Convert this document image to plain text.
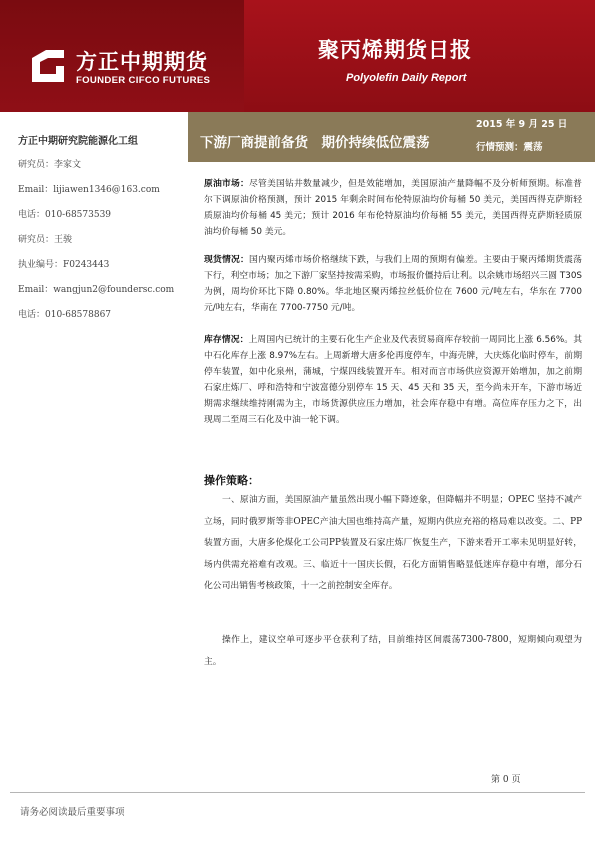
方正中期期货
FOUNDER CIFCO FUTURES
聚丙烯期货日报
Polyolefin Daily Report
方正中期研究院能源化工组
研究员：李家文
Email：lijiawen1346@163.com
电话：010-68573539
研究员：王骏
执业编号：F0243443
Email：wangjun2@foundersc.com
电话：010-68578867
下游厂商提前备货　期价持续低位震荡
2015 年 9 月 25 日
行情预测：震荡
原油市场：尽管美国钻井数量减少，但是效能增加，美国原油产量降幅不及分析师预期。标准普尔下调原油价格预测，预计 2015 年剩余时间布伦特原油均价每桶 50 美元，美国西得克萨斯轻质原油均价每桶 45 美元；预计 2016 年布伦特原油均价每桶 55 美元，美国西得克萨斯轻质原油均价每桶 50 美元。
现货情况：国内聚丙烯市场价格继续下跌，与我们上周的预期有偏差。主要由于聚丙烯期货震荡下行，利空市场；加之下游厂家坚持按需采购，市场报价僵持后让利。以余姚市场绍兴三圆 T30S 为例，周均价环比下降 0.80%。华北地区聚丙烯拉丝低价位在 7600 元/吨左右，华东在 7700 元/吨左右，华南在 7700-7750 元/吨。
库存情况：上周国内已统计的主要石化生产企业及代表贸易商库存较前一周同比上涨 6.56%。其中石化库存上涨 8.97%左右。上周新增大唐多伦再度停车，中海壳牌，大庆炼化临时停车，前期停车装置，如中化泉州，蒲城，宁煤四线装置开车。相对而言市场供应资源开始增加，加之前期石家庄炼厂、呼和浩特和宁波富德分别停车 15 天、45 天和 35 天，至今尚未开车，下游市场近期需求继续维持刚需为主，市场货源供应压力增加，社会库存稳中有增。高位库存压力之下，出现周二至周三石化及中油一轮下调。
操作策略：
一、原油方面，美国原油产量虽然出现小幅下降迹象，但降幅并不明显；OPEC 坚持不减产立场，同时俄罗斯等非OPEC产油大国也维持高产量，短期内供应充裕的格局难以改变。二、PP装置方面，大唐多伦煤化工公司PP装置及石家庄炼厂恢复生产，下游来看开工率未见明显好转，场内供需充裕难有改观。三、临近十一国庆长假，石化方面销售略显低迷库存稳中有增，部分石化公司出销售考核政策，十一之前控制安全库存。
操作上，建议空单可逐步平仓获利了结，目前维持区间震荡7300-7800，短期倾向观望为主。
第 0 页
请务必阅读最后重要事项
